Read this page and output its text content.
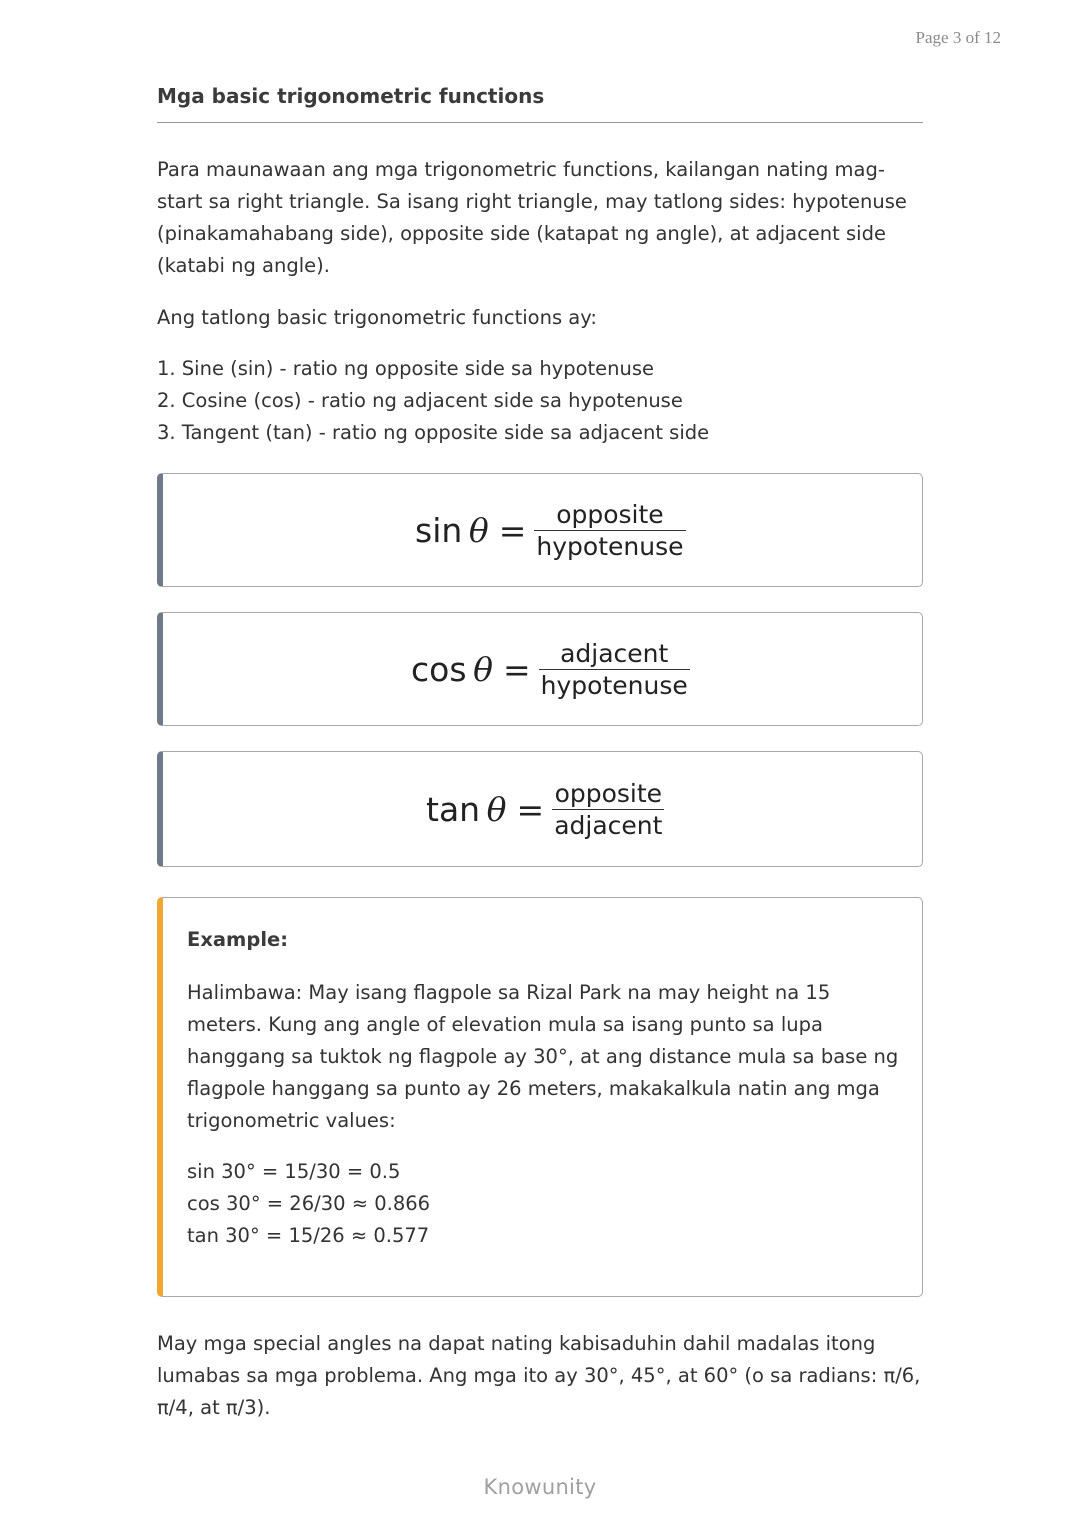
Page 3 of 12
Mga basic trigonometric functions

Para maunawaan ang mga trigonometric functions, kailangan nating mag-start sa right triangle. Sa isang right triangle, may tatlong sides: hypotenuse (pinakamahabang side), opposite side (katapat ng angle), at adjacent side (katabi ng angle).

Ang tatlong basic trigonometric functions ay:

1. Sine (sin) - ratio ng opposite side sa hypotenuse
2. Cosine (cos) - ratio ng adjacent side sa hypotenuse
3. Tangent (tan) - ratio ng opposite side sa adjacent side
$\sin \theta = \frac{\text{opposite}}{\text{hypotenuse}}$
$\cos \theta = \frac{\text{adjacent}}{\text{hypotenuse}}$
$\tan \theta = \frac{\text{opposite}}{\text{adjacent}}$
Example:

Halimbawa: May isang flagpole sa Rizal Park na may height na 15 meters. Kung ang angle of elevation mula sa isang punto sa lupa hanggang sa tuktok ng flagpole ay 30°, at ang distance mula sa base ng flagpole hanggang sa punto ay 26 meters, makakalkula natin ang mga trigonometric values:

sin 30° = 15/30 = 0.5
cos 30° = 26/30 ≈ 0.866
tan 30° = 15/26 ≈ 0.577

May mga special angles na dapat nating kabisaduhin dahil madalas itong lumabas sa mga problema. Ang mga ito ay 30°, 45°, at 60° (o sa radians: π/6, π/4, at π/3).

Knowunity
